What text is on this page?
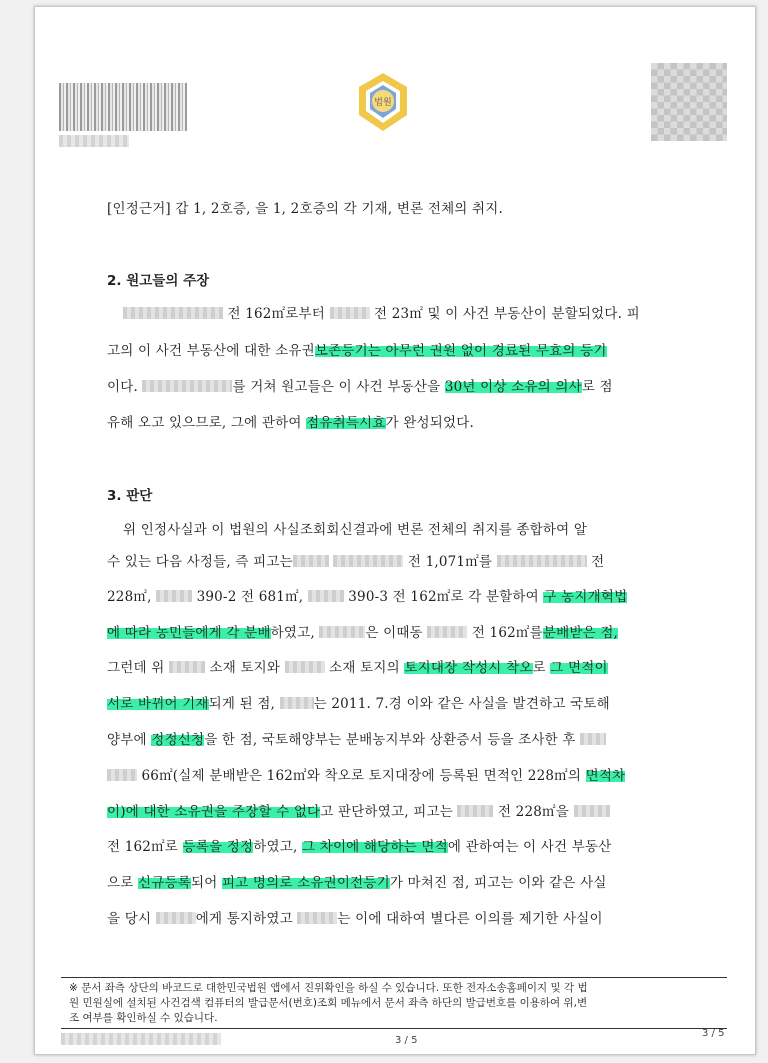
법원
[인정근거] 갑 1, 2호증, 을 1, 2호증의 각 기재, 변론 전체의 취지.
2. 원고들의 주장
전 162㎡로부터	전 23㎡ 및 이 사건 부동산이 분할되었다. 피
고의 이 사건 부동산에 대한 소유권보존등기는 아무런 권원 없이 경료된 무효의 등기
이다.	를 거쳐 원고들은 이 사건 부동산을 30년 이상 소유의 의사로 점
유해 오고 있으므로, 그에 관하여 점유취득시효가 완성되었다.
3. 판단
위 인정사실과 이 법원의 사실조회회신결과에 변론 전체의 취지를 종합하여 알
수 있는 다음 사정들, 즉 피고는	전 1,071㎡를	전
228㎡,	390-2 전 681㎡,	390-3 전 162㎡로 각 분할하여 구 농지개혁법
에 따라 농민들에게 각 분배하였고,	은 이때동	전 162㎡를분배받은 점,
그런데 위	소재 토지와	소재 토지의 토지대장 작성시 착오로 그 면적이
서로 바뀌어 기재되게 된 점,	는 2011. 7.경 이와 같은 사실을 발견하고 국토해
양부에 정정신청을 한 점, 국토해양부는 분배농지부와 상환증서 등을 조사한 후
66㎡(실제 분배받은 162㎡와 착오로 토지대장에 등록된 면적인 228㎡의 면적차
이)에 대한 소유권을 주장할 수 없다고 판단하였고, 피고는	전 228㎡을
전 162㎡로 등록을 정정하였고, 그 차이에 해당하는 면적에 관하여는 이 사건 부동산
으로 신규등록되어 피고 명의로 소유권이전등기가 마쳐진 점, 피고는 이와 같은 사실
을 당시	에게 통지하였고	는 이에 대하여 별다른 이의를 제기한 사실이
※ 문서 좌측 상단의 바코드로 대한민국법원 앱에서 진위확인을 하실 수 있습니다. 또한 전자소송홈페이지 및 각 법
원 민원실에 설치된 사건검색 컴퓨터의 발급문서(번호)조회 메뉴에서 문서 좌측 하단의 발급번호를 이용하여 위,변
조 여부를 확인하실 수 있습니다.
3 / 5
3 / 5
